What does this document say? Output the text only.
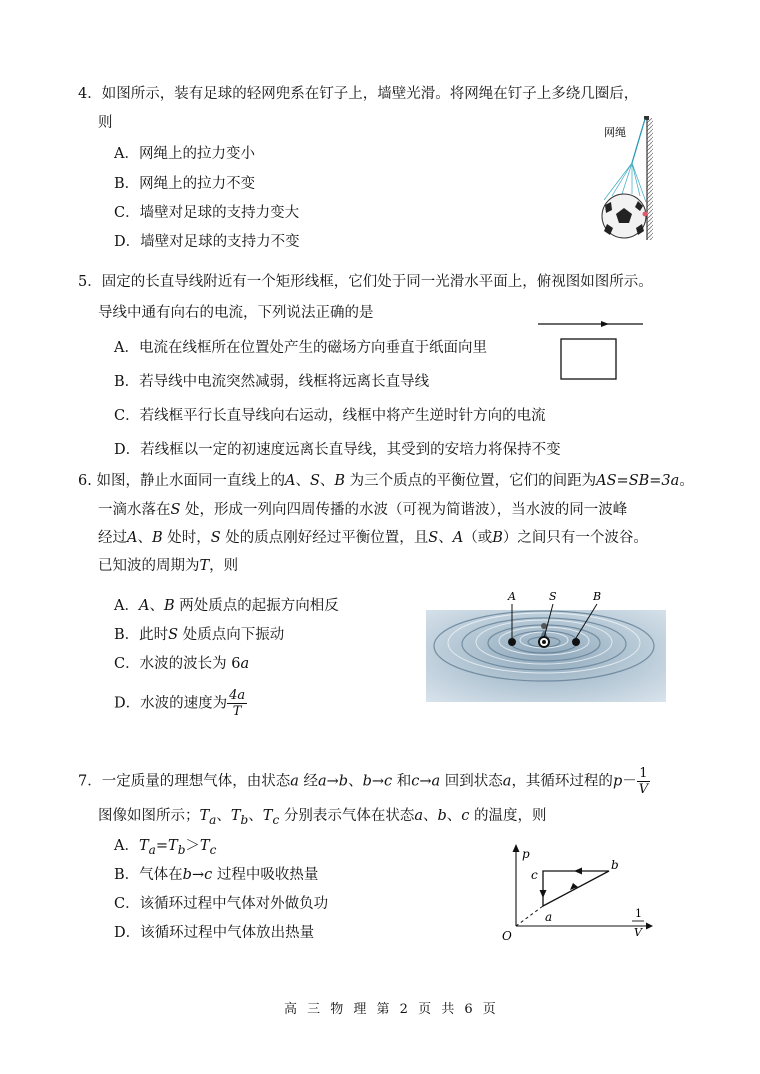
4．如图所示，装有足球的轻网兜系在钉子上，墙壁光滑。将网绳在钉子上多绕几圈后，
则
A．网绳上的拉力变小
B．网绳上的拉力不变
C．墙壁对足球的支持力变大
D．墙壁对足球的支持力不变
网绳
5．固定的长直导线附近有一个矩形线框，它们处于同一光滑水平面上，俯视图如图所示。
导线中通有向右的电流，下列说法正确的是
A．电流在线框所在位置处产生的磁场方向垂直于纸面向里
B．若导线中电流突然减弱，线框将远离长直导线
C．若线框平行长直导线向右运动，线框中将产生逆时针方向的电流
D．若线框以一定的初速度远离长直导线，其受到的安培力将保持不变
6. 如图，静止水面同一直线上的A、S、B 为三个质点的平衡位置，它们的间距为AS=SB=3a。
一滴水落在S 处，形成一列向四周传播的水波（可视为简谐波），当水波的同一波峰
经过A、B 处时，S 处的质点刚好经过平衡位置，且S、A（或B）之间只有一个波谷。
已知波的周期为T，则
A．A、B 两处质点的起振方向相反
B．此时S 处质点向下振动
C．水波的波长为 6a
D．水波的速度为 $\frac{4a}{T}$
A	S	B
7．一定质量的理想气体，由状态a 经a→b、b→c 和c→a 回到状态a，其循环过程的$p- \frac{1}{V}$
图像如图所示；$T_a$、$T_b$、$T_c$ 分别表示气体在状态a、b、c 的温度，则
A．$T_a=T_b>T_c$
B．气体在b→c 过程中吸收热量
C．该循环过程中气体对外做负功
D．该循环过程中气体放出热量
p
O
1
V
c
b
a
高 三 物 理 第 2 页 共 6 页
